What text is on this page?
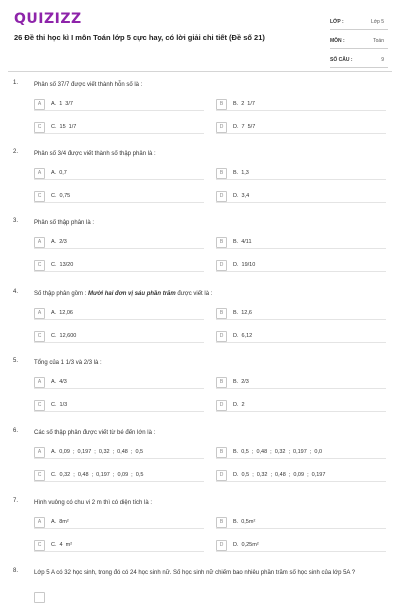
QUIZIZZ
26 Đề thi học kì I môn Toán lớp 5 cực hay, có lời giải chi tiết (Đề số 21)
LỚP :	Lớp 5
MÔN :	Toán
SỐ CÂU :	9
1.	Phân số 37/7 được viết thành hỗn số là :
A	A. 1 3/7	B	B. 2 1/7
C	C. 15 1/7	D	D. 7 5/7
2.	Phân số 3/4 được viết thành số thập phân là :
A	A. 0,7	B	B. 1,3
C	C. 0,75	D	D. 3,4
3.	Phân số thập phân là :
A	A. 2/3	B	B. 4/11
C	C. 13/20	D	D. 19/10
4.	Số thập phân gồm : Mười hai đơn vị sáu phần trăm được viết là :
A	A. 12,06	B	B. 12,6
C	C. 12,600	D	D. 6,12
5.	Tổng của 1 1/3 và 2/3 là :
A	A. 4/3	B	B. 2/3
C	C. 1/3	D	D. 2
6.	Các số thập phân được viết từ bé đến lớn là :
A	A. 0,09 ; 0,197 ; 0,32 ; 0,48 ; 0,5	B	B. 0,5 ; 0,48 ; 0,32 ; 0,197 ; 0,0
C	C. 0,32 ; 0,48 ; 0,197 ; 0,09 ; 0,5	D	D. 0,5 ; 0,32 ; 0,48 ; 0,09 ; 0,197
7.	Hình vuông có chu vi 2 m thì có diện tích là :
A	A. 8m²	B	B. 0,5m²
C	C. 4 m²	D	D. 0,25m²
8.	Lớp 5 A có 32 học sinh, trong đó có 24 học sinh nữ. Số học sinh nữ chiếm bao nhiêu phần trăm số học sinh của lớp 5A ?
